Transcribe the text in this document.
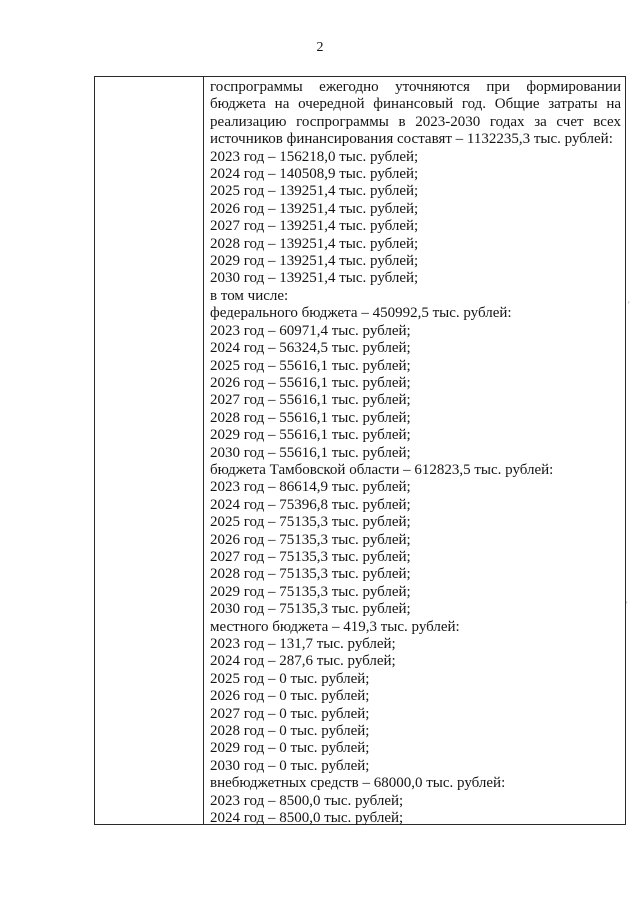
2
госпрограммы ежегодно уточняются при формировании бюджета на очередной финансовый год. Общие затраты на реализацию госпрограммы в 2023-2030 годах за счет всех источников финансирования составят – 1132235,3 тыс. рублей:
2023 год – 156218,0 тыс. рублей;
2024 год – 140508,9 тыс. рублей;
2025 год – 139251,4 тыс. рублей;
2026 год – 139251,4 тыс. рублей;
2027 год – 139251,4 тыс. рублей;
2028 год – 139251,4 тыс. рублей;
2029 год – 139251,4 тыс. рублей;
2030 год – 139251,4 тыс. рублей;
в том числе:
федерального бюджета – 450992,5 тыс. рублей:
2023 год – 60971,4 тыс. рублей;
2024 год – 56324,5 тыс. рублей;
2025 год – 55616,1 тыс. рублей;
2026 год – 55616,1 тыс. рублей;
2027 год – 55616,1 тыс. рублей;
2028 год – 55616,1 тыс. рублей;
2029 год – 55616,1 тыс. рублей;
2030 год – 55616,1 тыс. рублей;
бюджета Тамбовской области – 612823,5 тыс. рублей:
2023 год – 86614,9 тыс. рублей;
2024 год – 75396,8 тыс. рублей;
2025 год – 75135,3 тыс. рублей;
2026 год – 75135,3 тыс. рублей;
2027 год – 75135,3 тыс. рублей;
2028 год – 75135,3 тыс. рублей;
2029 год – 75135,3 тыс. рублей;
2030 год – 75135,3 тыс. рублей;
местного бюджета – 419,3 тыс. рублей:
2023 год – 131,7 тыс. рублей;
2024 год – 287,6 тыс. рублей;
2025 год – 0 тыс. рублей;
2026 год – 0 тыс. рублей;
2027 год – 0 тыс. рублей;
2028 год – 0 тыс. рублей;
2029 год – 0 тыс. рублей;
2030 год – 0 тыс. рублей;
внебюджетных средств – 68000,0 тыс. рублей:
2023 год – 8500,0 тыс. рублей;
2024 год – 8500,0 тыс. рублей;
'
'
